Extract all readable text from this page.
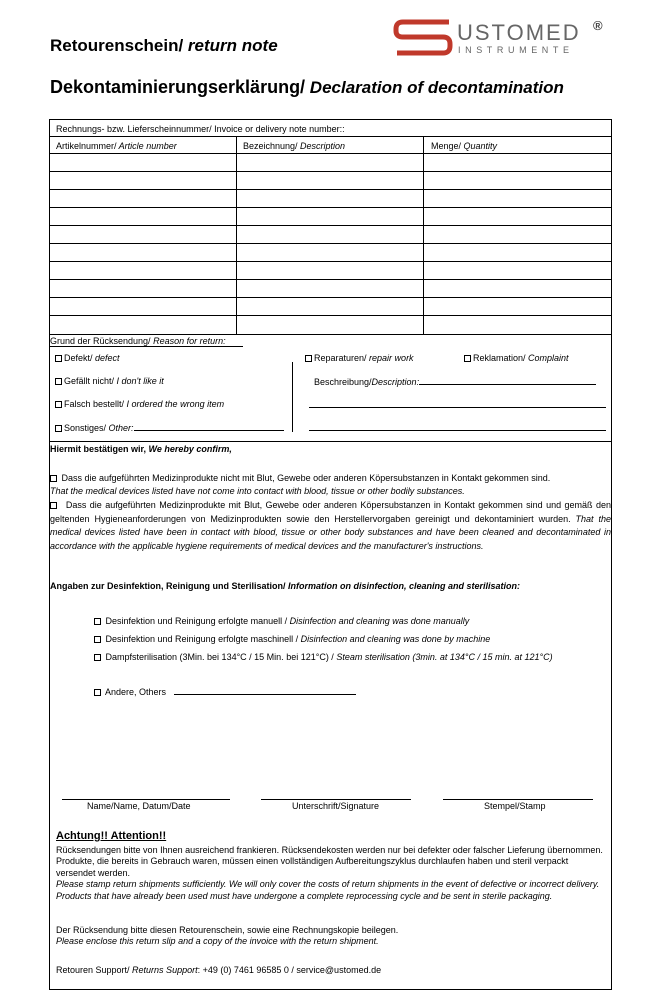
Retourenschein/ return note
Dekontaminierungserklärung/ Declaration of decontamination
USTOMED ®
INSTRUMENTE
Rechnungs- bzw. Lieferscheinnummer/ Invoice or delivery note number::
Artikelnummer/ Article number	Bezeichnung/ Description	Menge/ Quantity
Grund der Rücksendung/ Reason for return:
Defekt/ defect
Gefällt nicht/ I don't like it
Falsch bestellt/ I ordered the wrong item
Sonstiges/ Other:
Reparaturen/ repair work	Reklamation/ Complaint
Beschreibung/Description:
Hiermit bestätigen wir, We hereby confirm,
Dass die aufgeführten Medizinprodukte nicht mit Blut, Gewebe oder anderen Köpersubstanzen in Kontakt gekommen sind.
That the medical devices listed have not come into contact with blood, tissue or other bodily substances.
Dass die aufgeführten Medizinprodukte mit Blut, Gewebe oder anderen Köpersubstanzen in Kontakt gekommen sind und gemäß den geltenden Hygieneanforderungen von Medizinprodukten sowie den Herstellervorgaben gereinigt und dekontaminiert wurden. That the medical devices listed have been in contact with blood, tissue or other body substances and have been cleaned and decontaminated in accordance with the applicable hygiene requirements of medical devices and the manufacturer's instructions.
Angaben zur Desinfektion, Reinigung und Sterilisation/ Information on disinfection, cleaning and sterilisation:
Desinfektion und Reinigung erfolgte manuell / Disinfection and cleaning was done manually
Desinfektion und Reinigung erfolgte maschinell / Disinfection and cleaning was done by machine
Dampfsterilisation (3Min. bei 134°C / 15 Min. bei 121°C) / Steam sterilisation (3min. at 134°C / 15 min. at 121°C)
Andere, Others
Name/Name, Datum/Date	Unterschrift/Signature	Stempel/Stamp
Achtung!! Attention!!
Rücksendungen bitte von Ihnen ausreichend frankieren. Rücksendekosten werden nur bei defekter oder falscher Lieferung übernommen. Produkte, die bereits in Gebrauch waren, müssen einen vollständigen Aufbereitungszyklus durchlaufen haben und steril verpackt versendet werden.
Please stamp return shipments sufficiently. We will only cover the costs of return shipments in the event of defective or incorrect delivery. Products that have already been used must have undergone a complete reprocessing cycle and be sent in sterile packaging.
Der Rücksendung bitte diesen Retourenschein, sowie eine Rechnungskopie beilegen.
Please enclose this return slip and a copy of the invoice with the return shipment.
Retouren Support/ Returns Support: +49 (0) 7461 96585 0 / service@ustomed.de
